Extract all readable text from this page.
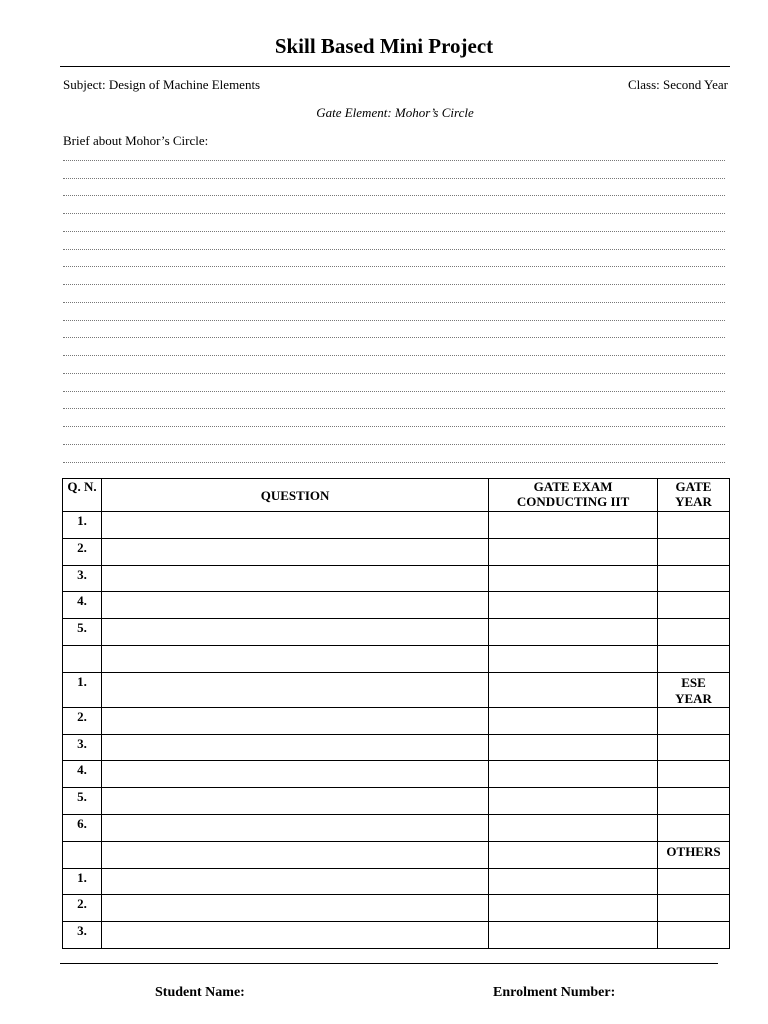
Skill Based Mini Project
Subject: Design of Machine Elements	Class: Second Year
Gate Element: Mohor’s Circle
Brief about Mohor’s Circle:
Q. N.	QUESTION	GATE EXAM CONDUCTING IIT	GATE YEAR
1.			
2.			
3.			
4.			
5.			

1.			ESE YEAR
2.			
3.			
4.			
5.			
6.			
			OTHERS
1.			
2.			
3.			
Student Name:	Enrolment Number:
